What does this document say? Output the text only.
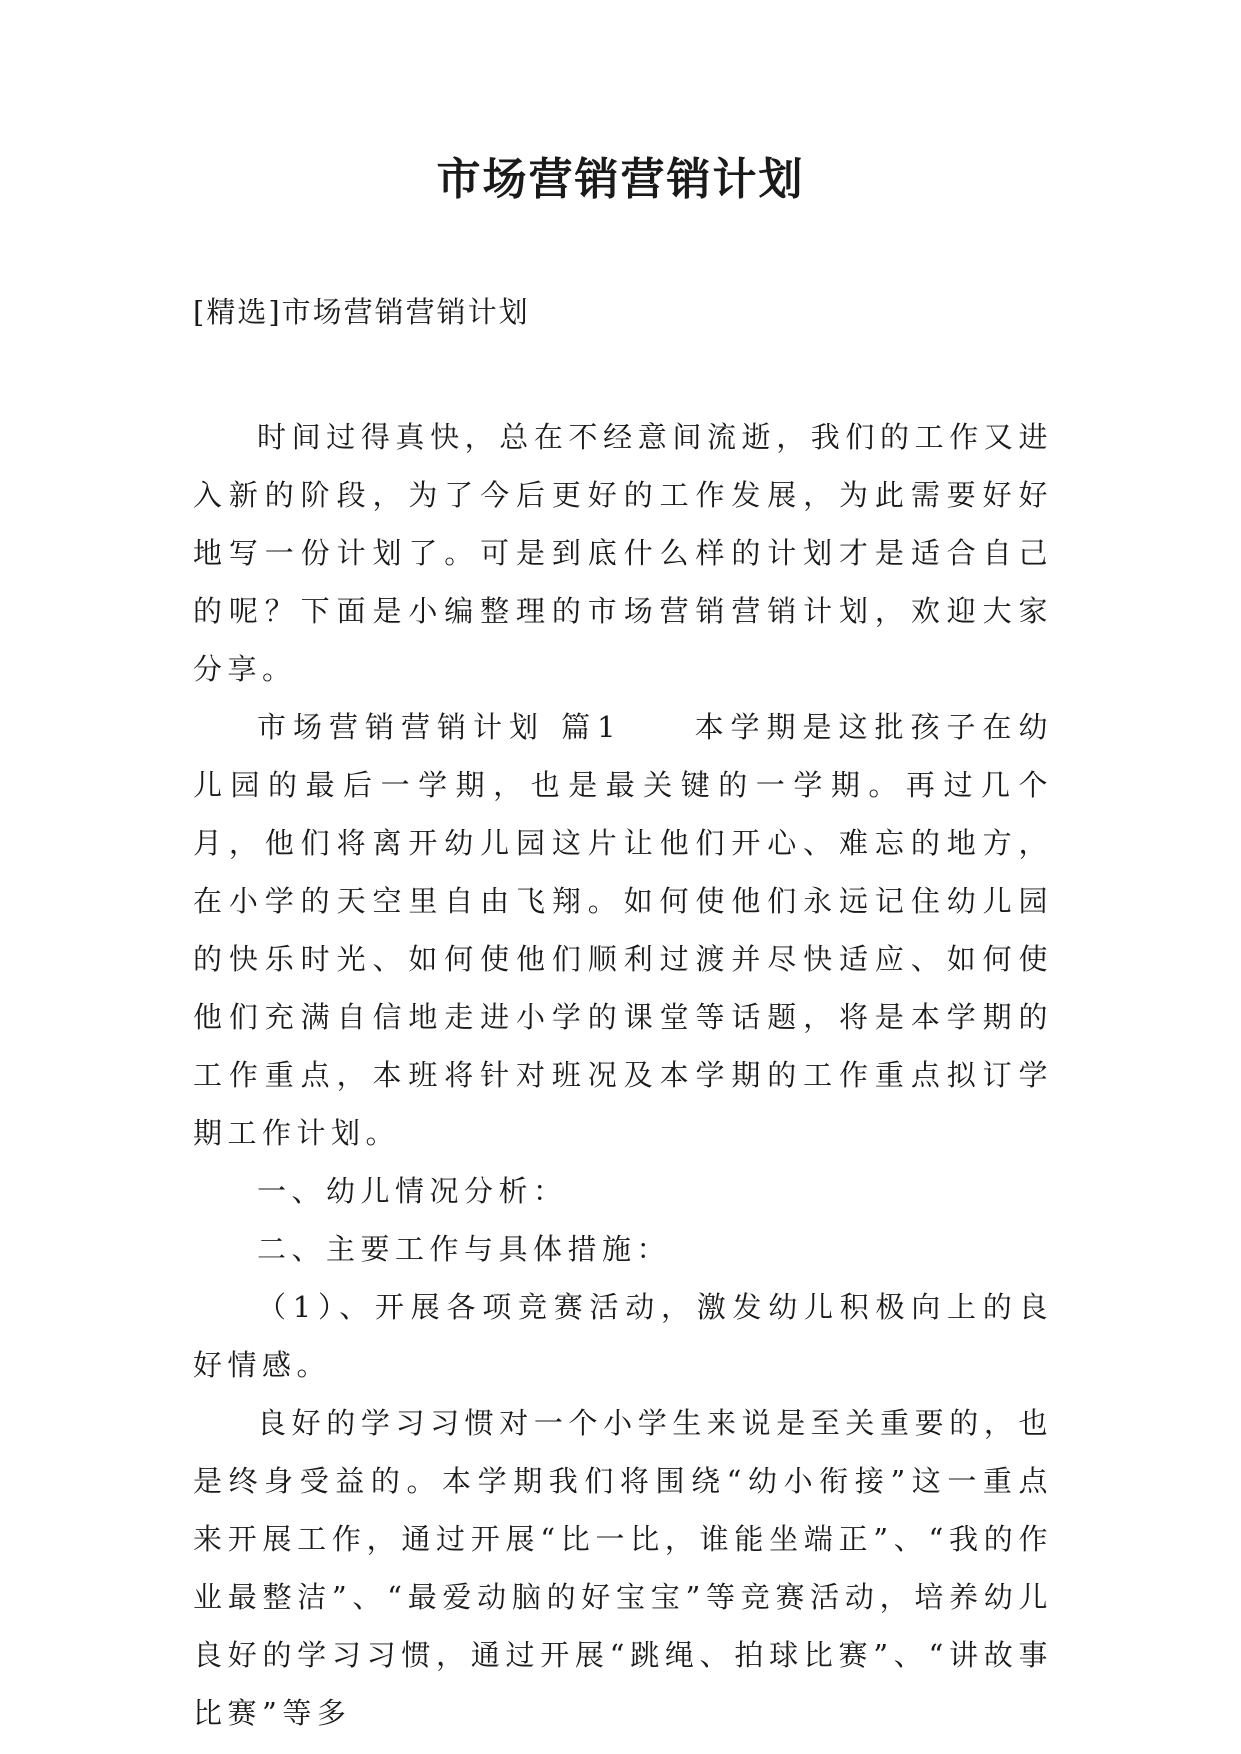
市场营销营销计划

[精选]市场营销营销计划

时间过得真快，总在不经意间流逝，我们的工作又进入新的阶段，为了今后更好的工作发展，为此需要好好地写一份计划了。可是到底什么样的计划才是适合自己的呢？下面是小编整理的市场营销营销计划，欢迎大家分享。

市场营销营销计划 篇1　　本学期是这批孩子在幼儿园的最后一学期，也是最关键的一学期。再过几个月，他们将离开幼儿园这片让他们开心、难忘的地方，在小学的天空里自由飞翔。如何使他们永远记住幼儿园的快乐时光、如何使他们顺利过渡并尽快适应、如何使他们充满自信地走进小学的课堂等话题，将是本学期的工作重点，本班将针对班况及本学期的工作重点拟订学期工作计划。

一、幼儿情况分析：

二、主要工作与具体措施：

（1）、开展各项竞赛活动，激发幼儿积极向上的良好情感。

良好的学习习惯对一个小学生来说是至关重要的，也是终身受益的。本学期我们将围绕“幼小衔接”这一重点来开展工作，通过开展“比一比，谁能坐端正”、“我的作业最整洁”、“最爱动脑的好宝宝”等竞赛活动，培养幼儿良好的学习习惯，通过开展“跳绳、拍球比赛”、“讲故事比赛”等多
